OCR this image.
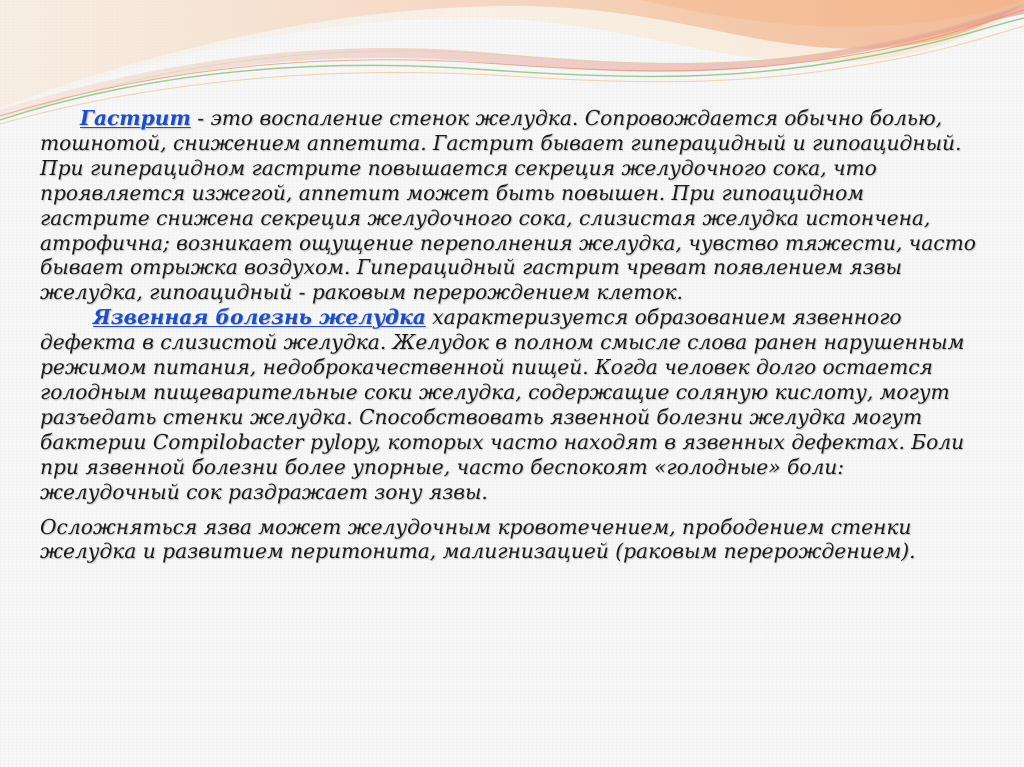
Гастрит - это воспаление стенок желудка. Сопровождается обычно болью, тошнотой, снижением аппетита. Гастрит бывает гиперацидный и гипоацидный. При гиперацидном гастрите повышается секреция желудочного сока, что проявляется изжегой, аппетит может быть повышен. При гипоацидном гастрите снижена секреция желудочного сока, слизистая желудка истончена, атрофична; возникает ощущение переполнения желудка, чувство тяжести, часто бывает отрыжка воздухом. Гиперацидный гастрит чреват появлением язвы желудка, гипоацидный - раковым перерождением клеток.

Язвенная болезнь желудка характеризуется образованием язвенного дефекта в слизистой желудка. Желудок в полном смысле слова ранен нарушенным режимом питания, недоброкачественной пищей. Когда человек долго остается голодным пищеварительные соки желудка, содержащие соляную кислоту, могут разъедать стенки желудка. Способствовать язвенной болезни желудка могут бактерии Compilobacter pylopy, которых часто находят в язвенных дефектах. Боли при язвенной болезни более упорные, часто беспокоят «голодные» боли: желудочный сок раздражает зону язвы.

Осложняться язва может желудочным кровотечением, прободением стенки желудка и развитием перитонита, малигнизацией (раковым перерождением).
